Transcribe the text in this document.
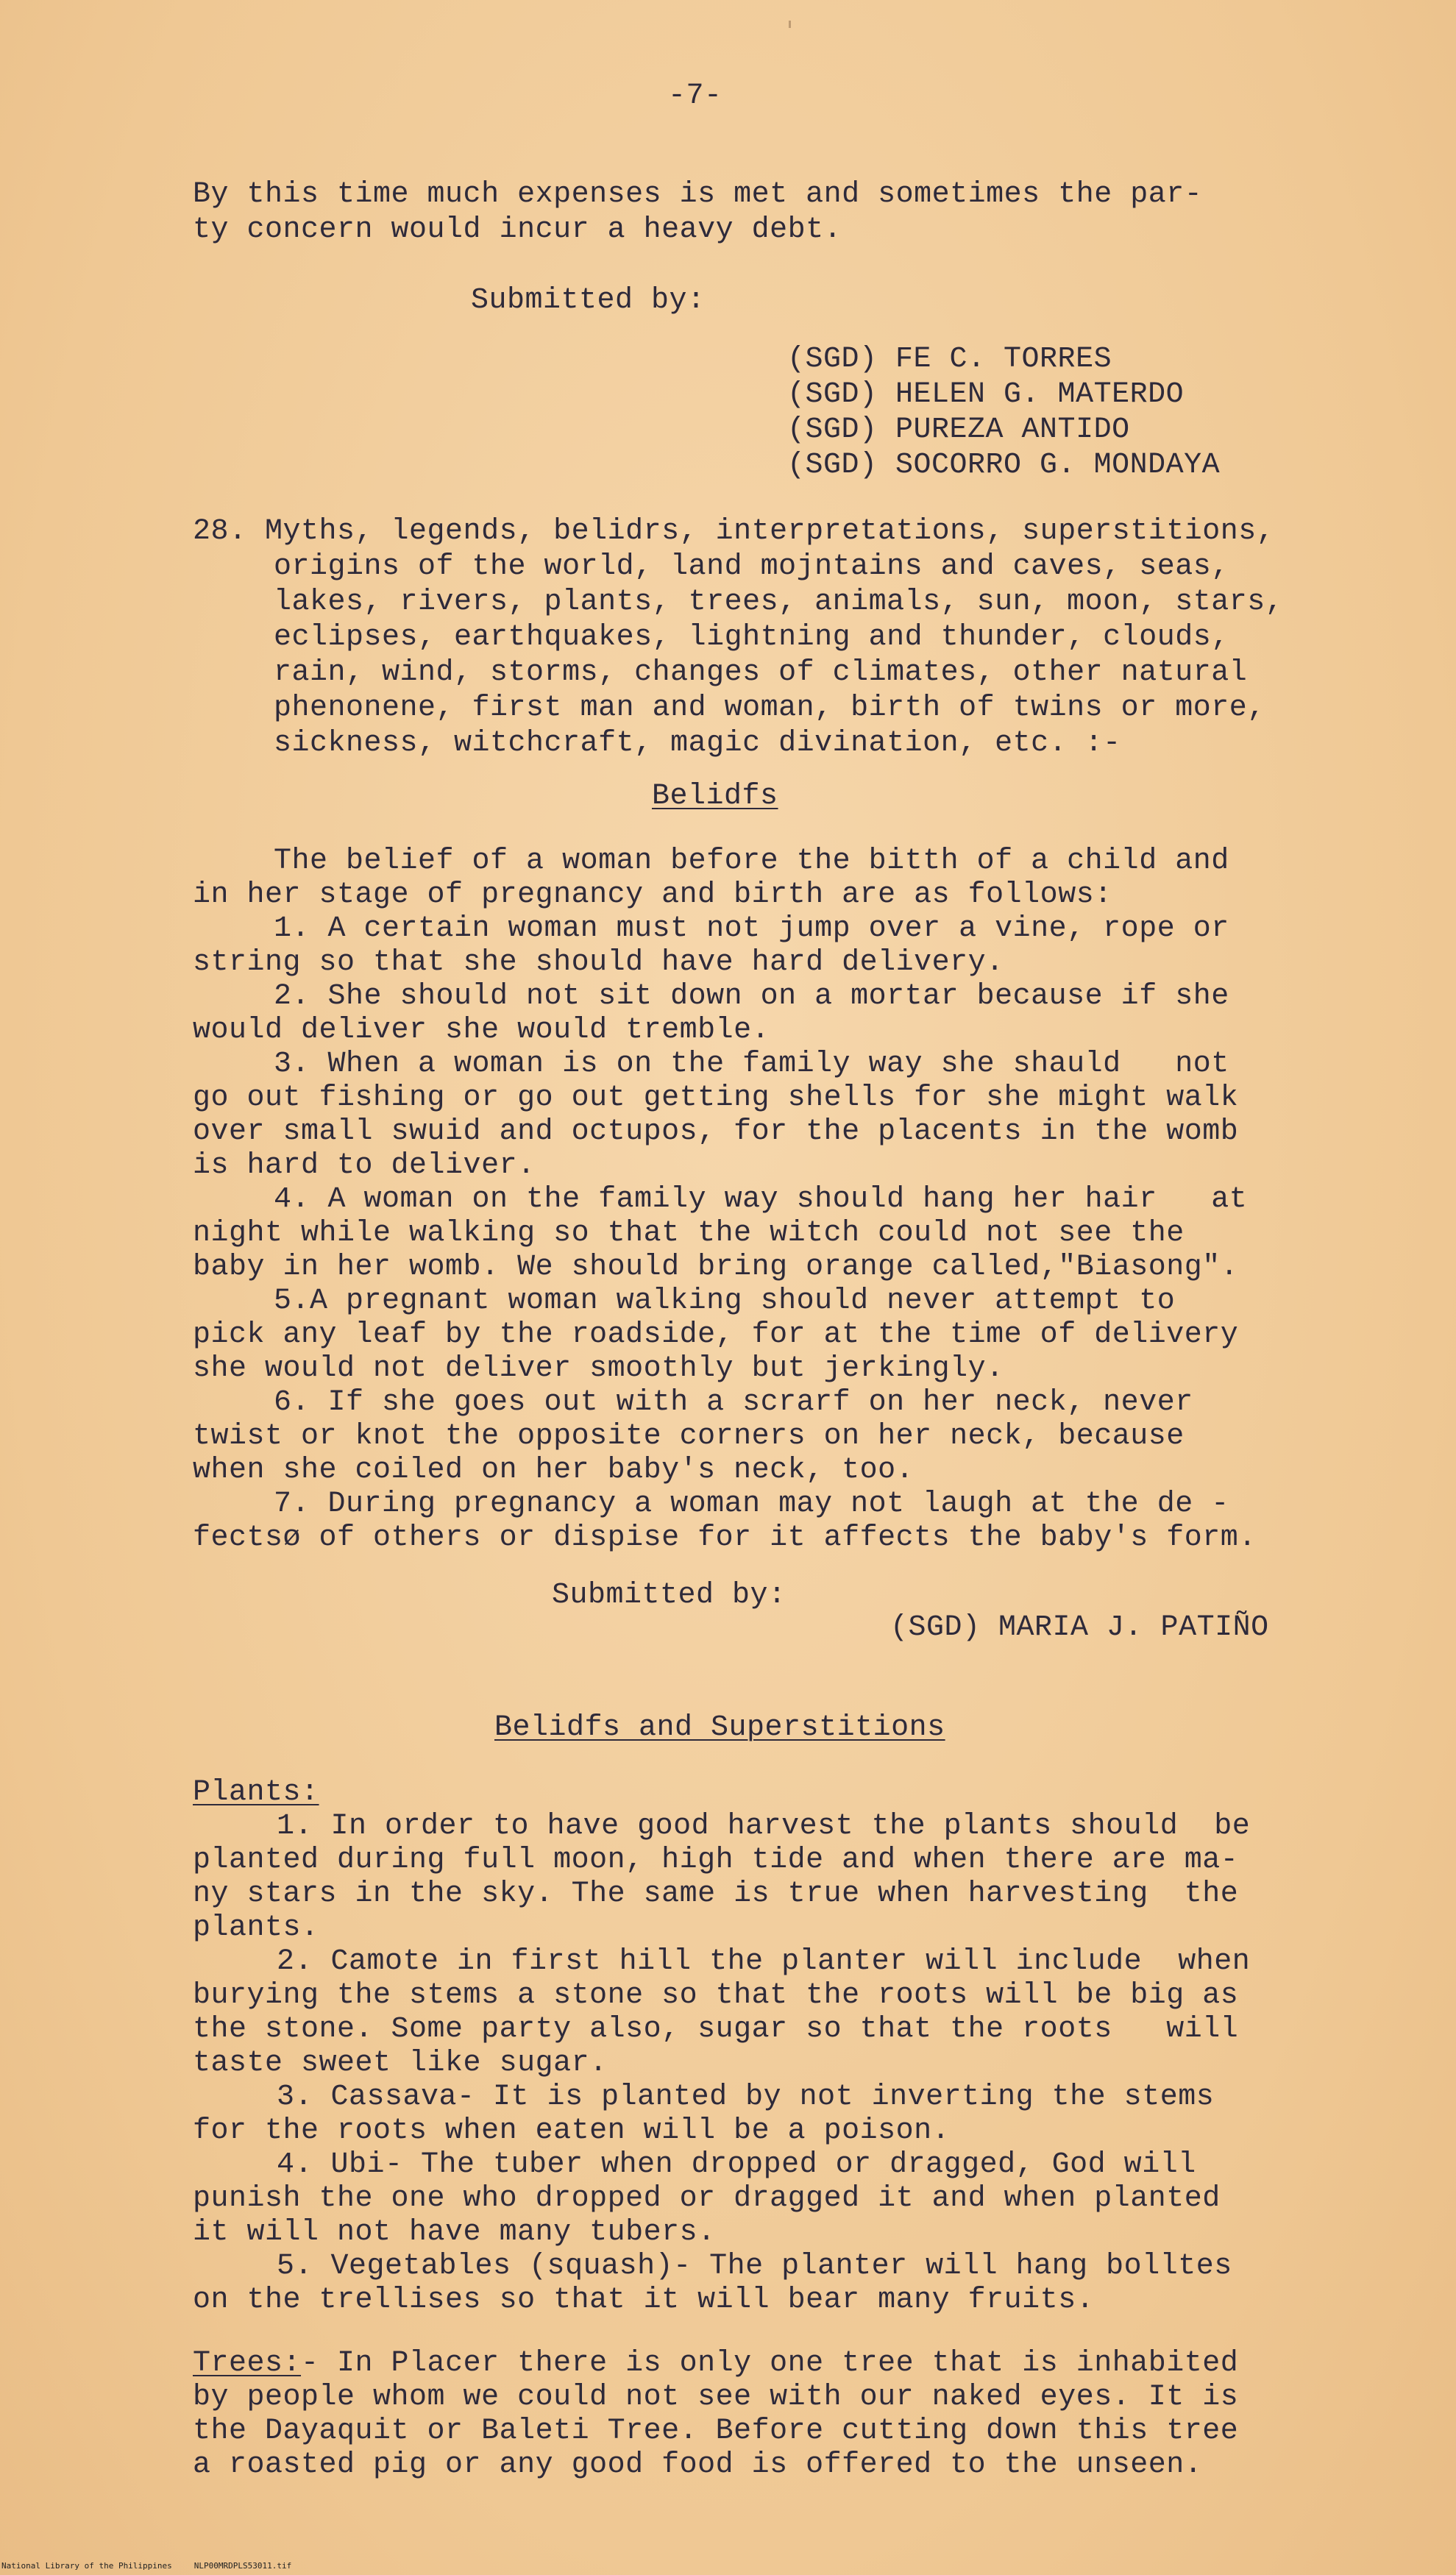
-7-
By this time much expenses is met and sometimes the par-
ty concern would incur a heavy debt.
Submitted by:
(SGD) FE C. TORRES
(SGD) HELEN G. MATERDO
(SGD) PUREZA ANTIDO
(SGD) SOCORRO G. MONDAYA
28. Myths, legends, belidrs, interpretations, superstitions,
origins of the world, land mojntains and caves, seas,
lakes, rivers, plants, trees, animals, sun, moon, stars,
eclipses, earthquakes, lightning and thunder, clouds,
rain, wind, storms, changes of climates, other natural
phenonene, first man and woman, birth of twins or more,
sickness, witchcraft, magic divination, etc. :-
Belidfs
The belief of a woman before the bitth of a child and
in her stage of pregnancy and birth are as follows:
1. A certain woman must not jump over a vine, rope or
string so that she should have hard delivery.
2. She should not sit down on a mortar because if she
would deliver she would tremble.
3. When a woman is on the family way she shauld   not
go out fishing or go out getting shells for she might walk
over small swuid and octupos, for the placents in the womb
is hard to deliver.
4. A woman on the family way should hang her hair   at
night while walking so that the witch could not see the
baby in her womb. We should bring orange called,"Biasong".
5.A pregnant woman walking should never attempt to
pick any leaf by the roadside, for at the time of delivery
she would not deliver smoothly but jerkingly.
6. If she goes out with a scrarf on her neck, never
twist or knot the opposite corners on her neck, because
when she coiled on her baby's neck, too.
7. During pregnancy a woman may not laugh at the de -
fectsø of others or dispise for it affects the baby's form.
Submitted by:
(SGD) MARIA J. PATIÑO
Belidfs and Superstitions
Plants:
1. In order to have good harvest the plants should  be
planted during full moon, high tide and when there are ma-
ny stars in the sky. The same is true when harvesting  the
plants.
2. Camote in first hill the planter will include  when
burying the stems a stone so that the roots will be big as
the stone. Some party also, sugar so that the roots   will
taste sweet like sugar.
3. Cassava- It is planted by not inverting the stems
for the roots when eaten will be a poison.
4. Ubi- The tuber when dropped or dragged, God will
punish the one who dropped or dragged it and when planted
it will not have many tubers.
5. Vegetables (squash)- The planter will hang bolltes
on the trellises so that it will bear many fruits.
Trees:- In Placer there is only one tree that is inhabited
by people whom we could not see with our naked eyes. It is
the Dayaquit or Baleti Tree. Before cutting down this tree
a roasted pig or any good food is offered to the unseen.
National Library of the Philippines	NLP00MRDPLS53011.tif
